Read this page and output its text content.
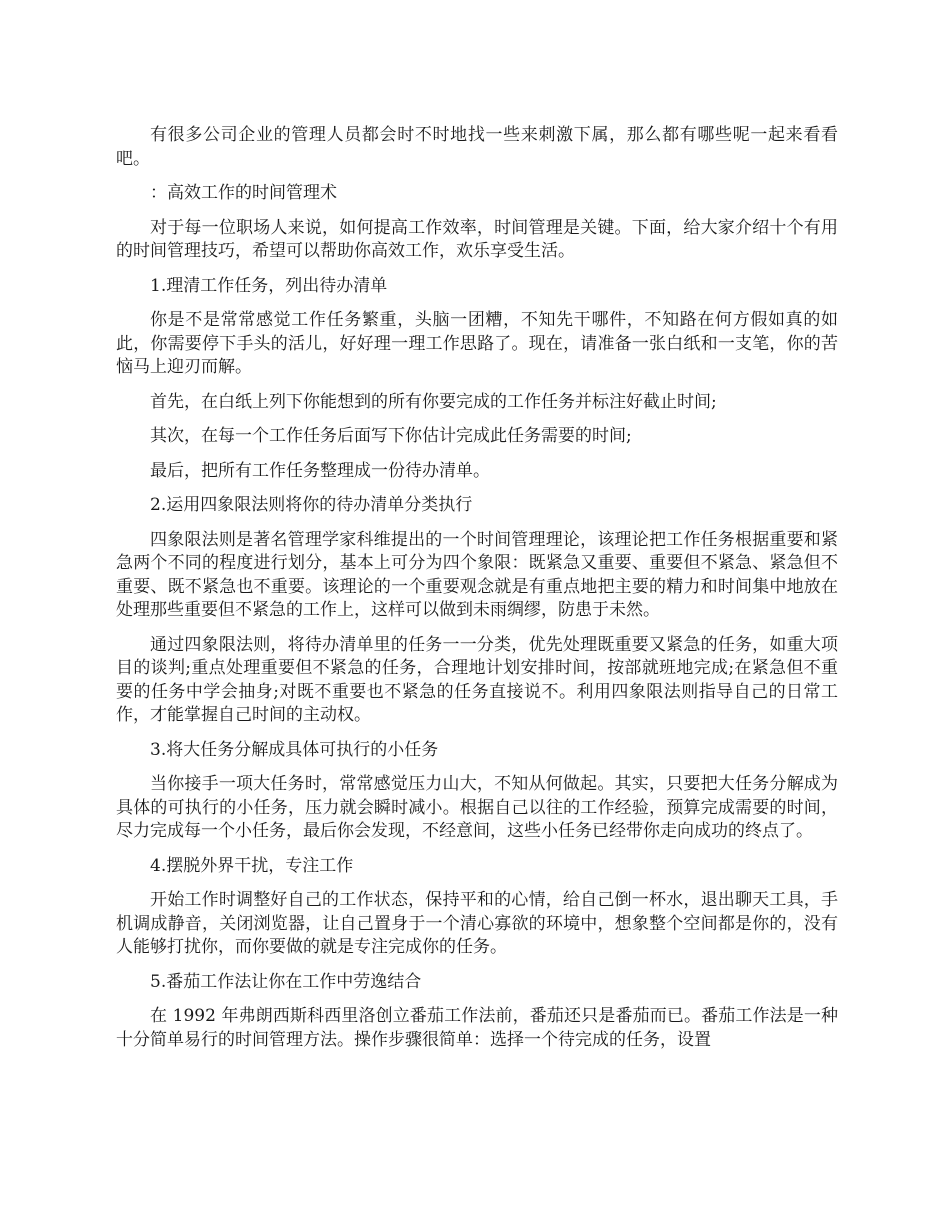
有很多公司企业的管理人员都会时不时地找一些来刺激下属，那么都有哪些呢一起来看看吧。

：高效工作的时间管理术

对于每一位职场人来说，如何提高工作效率，时间管理是关键。下面，给大家介绍十个有用的时间管理技巧，希望可以帮助你高效工作，欢乐享受生活。

1.理清工作任务，列出待办清单

你是不是常常感觉工作任务繁重，头脑一团糟，不知先干哪件，不知路在何方假如真的如此，你需要停下手头的活儿，好好理一理工作思路了。现在，请准备一张白纸和一支笔，你的苦恼马上迎刃而解。

首先，在白纸上列下你能想到的所有你要完成的工作任务并标注好截止时间;

其次，在每一个工作任务后面写下你估计完成此任务需要的时间;

最后，把所有工作任务整理成一份待办清单。

2.运用四象限法则将你的待办清单分类执行

四象限法则是著名管理学家科维提出的一个时间管理理论，该理论把工作任务根据重要和紧急两个不同的程度进行划分，基本上可分为四个象限：既紧急又重要、重要但不紧急、紧急但不重要、既不紧急也不重要。该理论的一个重要观念就是有重点地把主要的精力和时间集中地放在处理那些重要但不紧急的工作上，这样可以做到未雨绸缪，防患于未然。

通过四象限法则，将待办清单里的任务一一分类，优先处理既重要又紧急的任务，如重大项目的谈判;重点处理重要但不紧急的任务，合理地计划安排时间，按部就班地完成;在紧急但不重要的任务中学会抽身;对既不重要也不紧急的任务直接说不。利用四象限法则指导自己的日常工作，才能掌握自己时间的主动权。

3.将大任务分解成具体可执行的小任务

当你接手一项大任务时，常常感觉压力山大，不知从何做起。其实，只要把大任务分解成为具体的可执行的小任务，压力就会瞬时减小。根据自己以往的工作经验，预算完成需要的时间，尽力完成每一个小任务，最后你会发现，不经意间，这些小任务已经带你走向成功的终点了。

4.摆脱外界干扰，专注工作

开始工作时调整好自己的工作状态，保持平和的心情，给自己倒一杯水，退出聊天工具，手机调成静音，关闭浏览器，让自己置身于一个清心寡欲的环境中，想象整个空间都是你的，没有人能够打扰你，而你要做的就是专注完成你的任务。

5.番茄工作法让你在工作中劳逸结合

在 1992 年弗朗西斯科西里洛创立番茄工作法前，番茄还只是番茄而已。番茄工作法是一种十分简单易行的时间管理方法。操作步骤很简单：选择一个待完成的任务，设置
